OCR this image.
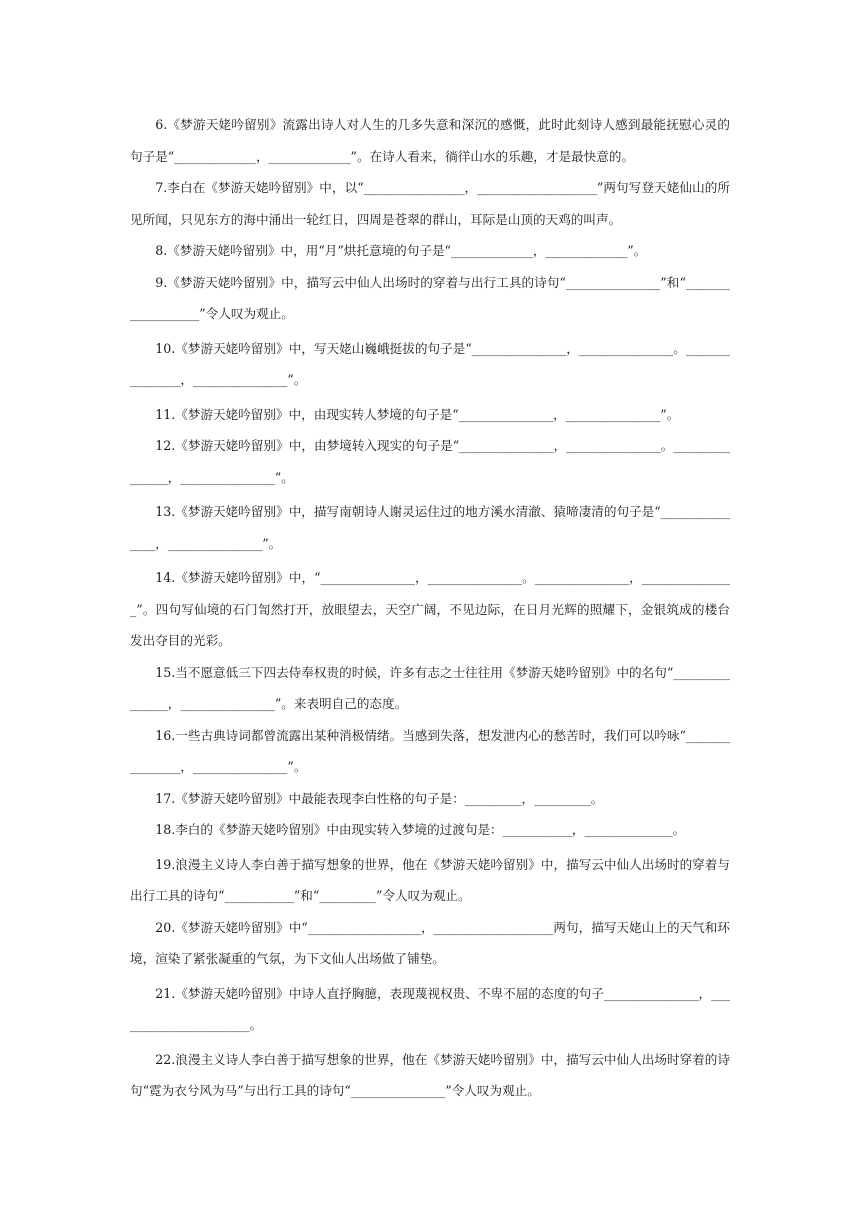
6.《梦游天姥吟留别》流露出诗人对人生的几多失意和深沉的感慨，此时此刻诗人感到最能抚慰心灵的句子是“_____________，_____________”。在诗人看来，徜徉山水的乐趣，才是最快意的。

7.李白在《梦游天姥吟留别》中，以“________________，___________________”两句写登天姥仙山的所见所闻，只见东方的海中涌出一轮红日，四周是苍翠的群山，耳际是山顶的天鸡的叫声。

8.《梦游天姥吟留别》中，用“月”烘托意境的句子是“_____________，_____________”。

9.《梦游天姥吟留别》中，描写云中仙人出场时的穿着与出行工具的诗句“_______________”和“__________________”令人叹为观止。

10.《梦游天姥吟留别》中，写天姥山巍峨挺拔的句子是“_______________，_______________。_______________，_______________”。

11.《梦游天姥吟留别》中，由现实转人梦境的句子是“_______________，_______________”。

12.《梦游天姥吟留别》中，由梦境转入现实的句子是“_______________，_______________。_______________，_______________”。

13.《梦游天姥吟留别》中，描写南朝诗人谢灵运住过的地方溪水清澈、猿啼凄清的句子是“_______________，_______________”。

14.《梦游天姥吟留别》中，“_______________，_______________。_______________，_______________”。四句写仙境的石门訇然打开，放眼望去，天空广阔，不见边际，在日月光辉的照耀下，金银筑成的楼台发出夺目的光彩。

15.当不愿意低三下四去侍奉权贵的时候，许多有志之士往往用《梦游天姥吟留别》中的名句“_______________，_______________”。来表明自己的态度。

16.一些古典诗词都曾流露出某种消极情绪。当感到失落，想发泄内心的愁苦时，我们可以吟咏“_______________，_______________”。

17.《梦游天姥吟留别》中最能表现李白性格的句子是：_________，_________。

18.李白的《梦游天姥吟留别》中由现实转入梦境的过渡句是：___________，______________。

19.浪漫主义诗人李白善于描写想象的世界，他在《梦游天姥吟留别》中，描写云中仙人出场时的穿着与出行工具的诗句“___________”和“_________”令人叹为观止。

20.《梦游天姥吟留别》中“__________________，___________________两句，描写天姥山上的天气和环境，渲染了紧张凝重的气氛，为下文仙人出场做了铺垫。

21.《梦游天姥吟留别》中诗人直抒胸臆，表现蔑视权贵、不卑不屈的态度的句子_______________，______________________。

22.浪漫主义诗人李白善于描写想象的世界，他在《梦游天姥吟留别》中，描写云中仙人出场时穿着的诗句“霓为衣兮风为马”与出行工具的诗句“_______________”令人叹为观止。
